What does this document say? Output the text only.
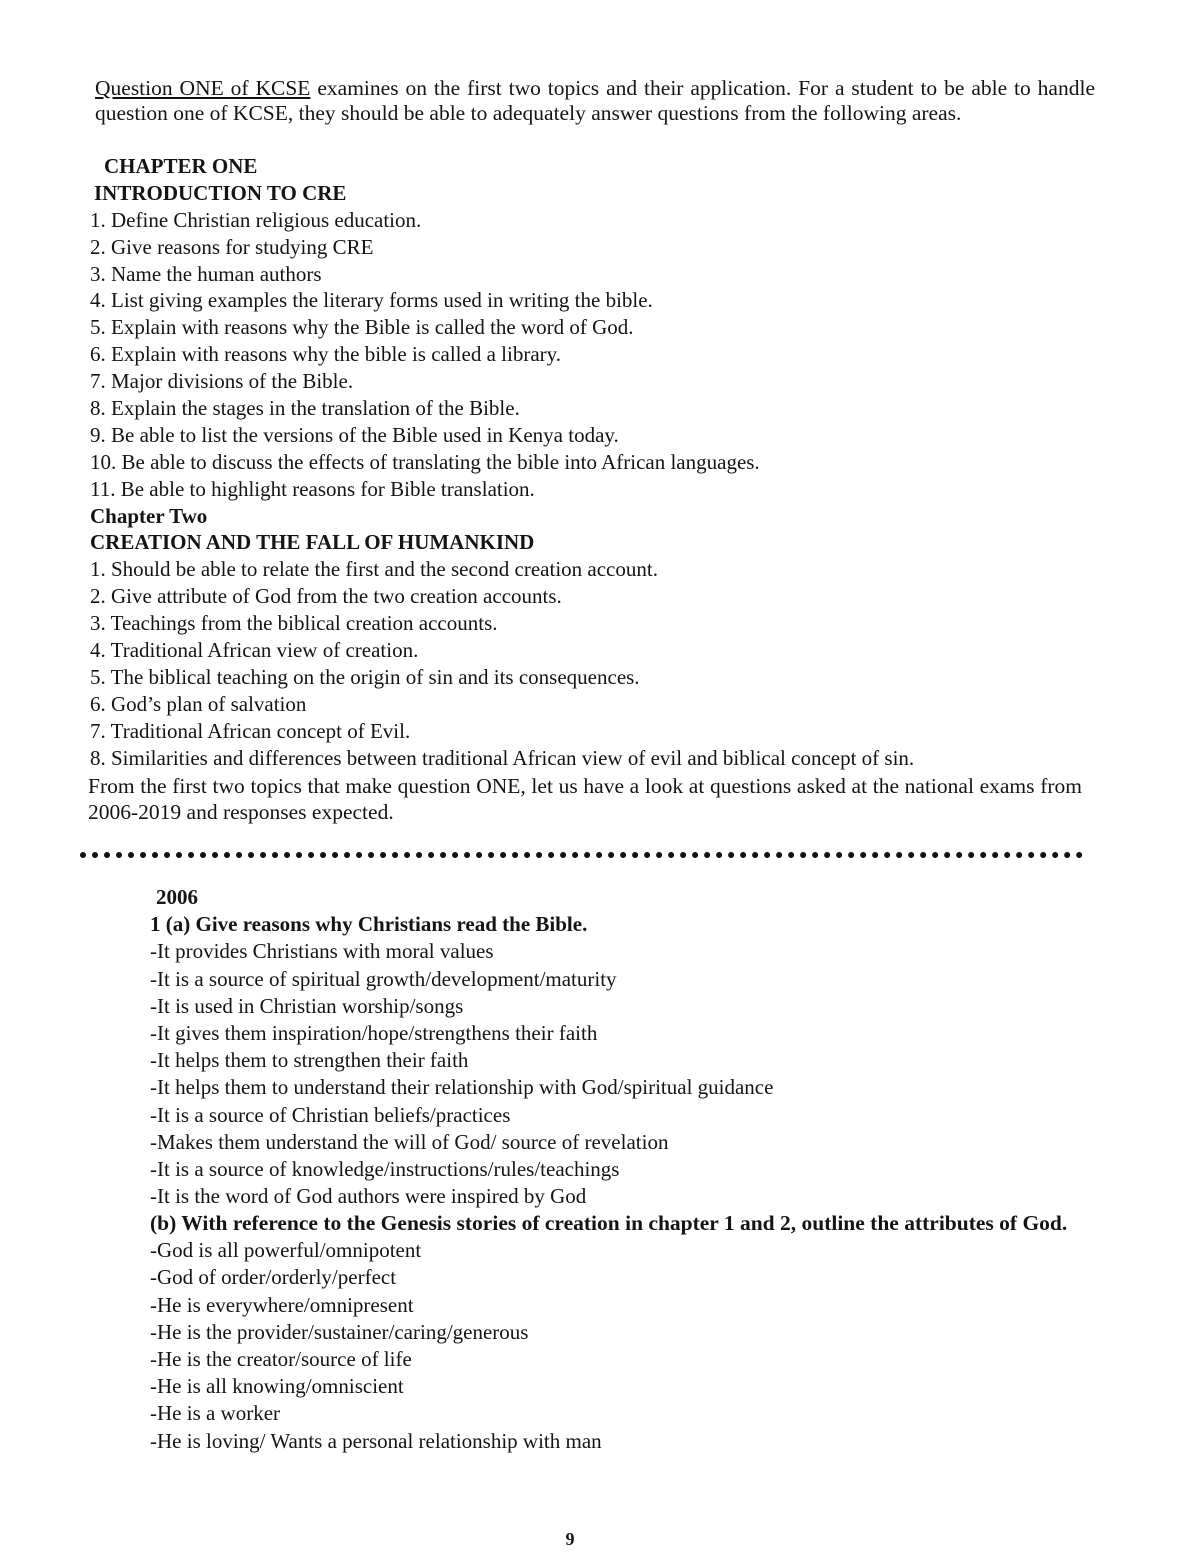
Question ONE of KCSE examines on the first two topics and their application. For a student to be able to handle question one of KCSE, they should be able to adequately answer questions from the following areas.

CHAPTER ONE
INTRODUCTION TO CRE
1. Define Christian religious education.
2. Give reasons for studying CRE
3. Name the human authors
4. List giving examples the literary forms used in writing the bible.
5. Explain with reasons why the Bible is called the word of God.
6. Explain with reasons why the bible is called a library.
7. Major divisions of the Bible.
8. Explain the stages in the translation of the Bible.
9. Be able to list the versions of the Bible used in Kenya today.
10. Be able to discuss the effects of translating the bible into African languages.
11. Be able to highlight reasons for Bible translation.
Chapter Two
CREATION AND THE FALL OF HUMANKIND
1. Should be able to relate the first and the second creation account.
2. Give attribute of God from the two creation accounts.
3. Teachings from the biblical creation accounts.
4. Traditional African view of creation.
5. The biblical teaching on the origin of sin and its consequences.
6. God’s plan of salvation
7. Traditional African concept of Evil.
8. Similarities and differences between traditional African view of evil and biblical concept of sin.

From the first two topics that make question ONE, let us have a look at questions asked at the national exams from 2006-2019 and responses expected.

2006
1 (a) Give reasons why Christians read the Bible.
-It provides Christians with moral values
-It is a source of spiritual growth/development/maturity
-It is used in Christian worship/songs
-It gives them inspiration/hope/strengthens their faith
-It helps them to strengthen their faith
-It helps them to understand their relationship with God/spiritual guidance
-It is a source of Christian beliefs/practices
-Makes them understand the will of God/ source of revelation
-It is a source of knowledge/instructions/rules/teachings
-It is the word of God authors were inspired by God
(b) With reference to the Genesis stories of creation in chapter 1 and 2, outline the attributes of God.
-God is all powerful/omnipotent
-God of order/orderly/perfect
-He is everywhere/omnipresent
-He is the provider/sustainer/caring/generous
-He is the creator/source of life
-He is all knowing/omniscient
-He is a worker
-He is loving/ Wants a personal relationship with man
9
